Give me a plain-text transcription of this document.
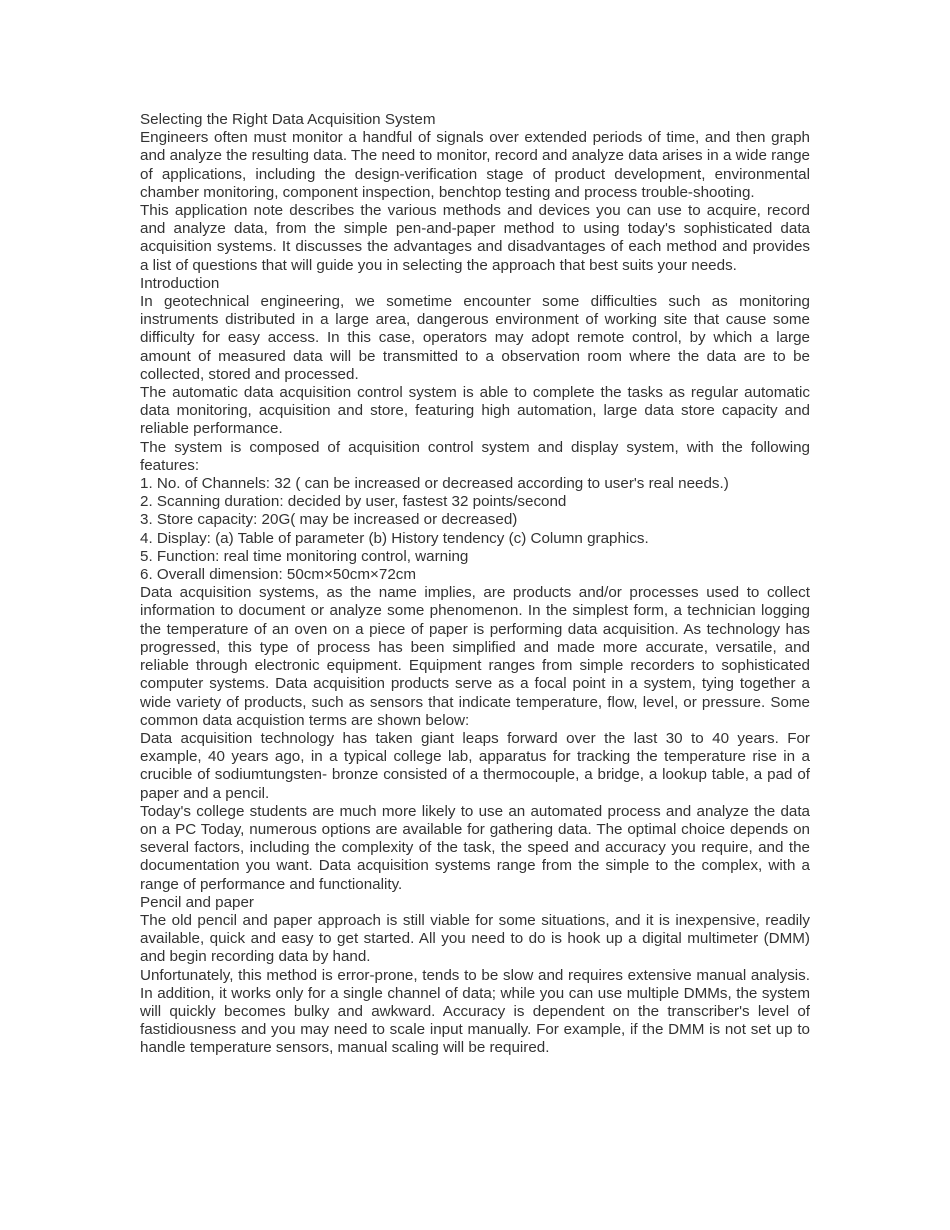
Selecting the Right Data Acquisition System

Engineers often must monitor a handful of signals over extended periods of time, and then graph and analyze the resulting data. The need to monitor, record and analyze data arises in a wide range of applications, including the design-verification stage of product development, environmental chamber monitoring, component inspection, benchtop testing and process trouble-shooting.

This application note describes the various methods and devices you can use to acquire, record and analyze data, from the simple pen-and-paper method to using today's sophisticated data acquisition systems. It discusses the advantages and disadvantages of each method and provides a list of questions that will guide you in selecting the approach that best suits your needs.

Introduction

In geotechnical engineering, we sometime encounter some difficulties such as monitoring instruments distributed in a large area, dangerous environment of working site that cause some difficulty for easy access. In this case, operators may adopt remote control, by which a large amount of measured data will be transmitted to a observation room where the data are to be collected, stored and processed.

The automatic data acquisition control system is able to complete the tasks as regular automatic data monitoring, acquisition and store, featuring high automation, large data store capacity and reliable performance.

The system is composed of acquisition control system and display system, with the following features:

1. No. of Channels: 32 ( can be increased or decreased according to user's real needs.)

2. Scanning duration: decided by user, fastest 32 points/second

3. Store capacity: 20G( may be increased or decreased)

4. Display: (a) Table of parameter (b) History tendency (c) Column graphics.

5. Function: real time monitoring control, warning

6. Overall dimension: 50cm×50cm×72cm

Data acquisition systems, as the name implies, are products and/or processes used to collect information to document or analyze some phenomenon. In the simplest form, a technician logging the temperature of an oven on a piece of paper is performing data acquisition. As technology has progressed, this type of process has been simplified and made more accurate, versatile, and reliable through electronic equipment. Equipment ranges from simple recorders to sophisticated computer systems. Data acquisition products serve as a focal point in a system, tying together a wide variety of products, such as sensors that indicate temperature, flow, level, or pressure. Some common data acquistion terms are shown below:

Data acquisition technology has taken giant leaps forward over the last 30 to 40 years. For example, 40 years ago, in a typical college lab, apparatus for tracking the temperature rise in a crucible of sodiumtungsten- bronze consisted of a thermocouple, a bridge, a lookup table, a pad of paper and a pencil.

Today's college students are much more likely to use an automated process and analyze the data on a PC Today, numerous options are available for gathering data. The optimal choice depends on several factors, including the complexity of the task, the speed and accuracy you require, and the documentation you want. Data acquisition systems range from the simple to the complex, with a range of performance and functionality.

Pencil and paper

The old pencil and paper approach is still viable for some situations, and it is inexpensive, readily available, quick and easy to get started. All you need to do is hook up a digital multimeter (DMM) and begin recording data by hand.

Unfortunately, this method is error-prone, tends to be slow and requires extensive manual analysis. In addition, it works only for a single channel of data; while you can use multiple DMMs, the system will quickly becomes bulky and awkward. Accuracy is dependent on the transcriber's level of fastidiousness and you may need to scale input manually. For example, if the DMM is not set up to handle temperature sensors, manual scaling will be required.
